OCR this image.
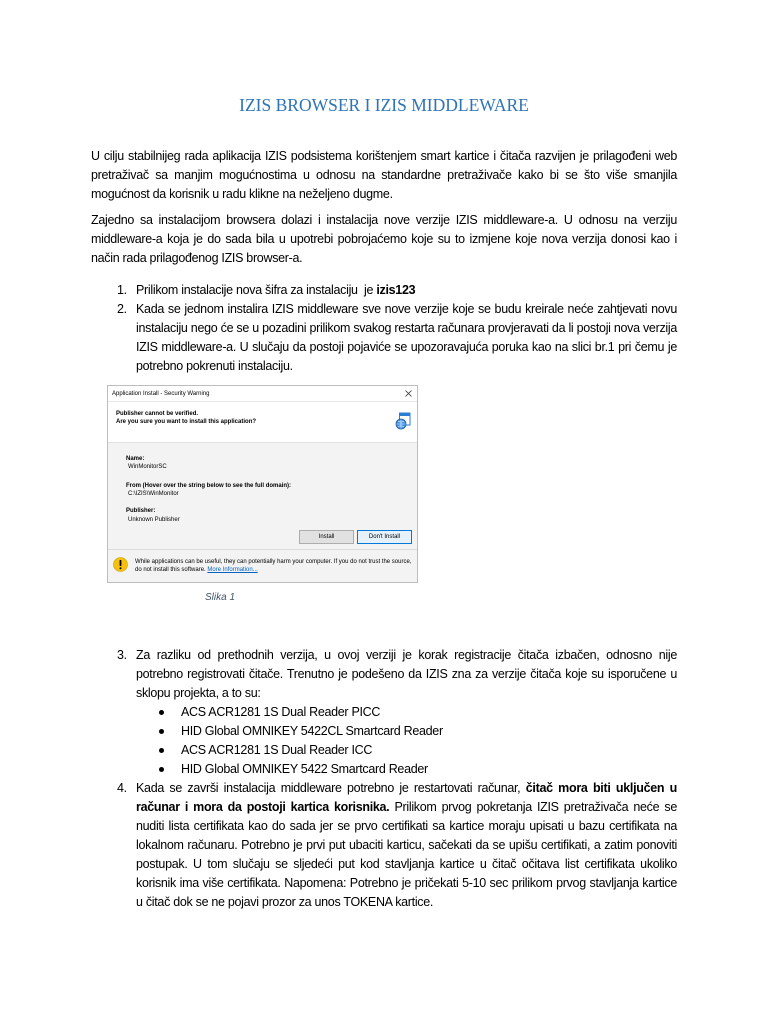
IZIS BROWSER I IZIS MIDDLEWARE

U cilju stabilnijeg rada aplikacija IZIS podsistema korištenjem smart kartice i čitača razvijen je prilagođeni web pretraživač sa manjim mogućnostima u odnosu na standardne pretraživače kako bi se što više smanjila mogućnost da korisnik u radu klikne na neželjeno dugme.

Zajedno sa instalacijom browsera dolazi i instalacija nove verzije IZIS middleware-a. U odnosu na verziju middleware-a koja je do sada bila u upotrebi pobrojaćemo koje su to izmjene koje nova verzija donosi kao i način rada prilagođenog IZIS browser-a.

1. Prilikom instalacije nova šifra za instalaciju  je izis123
2. Kada se jednom instalira IZIS middleware sve nove verzije koje se budu kreirale neće zahtjevati novu instalaciju nego će se u pozadini prilikom svakog restarta računara provjeravati da li postoji nova verzija IZIS middleware-a. U slučaju da postoji pojaviće se upozoravajuća poruka kao na slici br.1 pri čemu je potrebno pokrenuti instalaciju.
Application Install - Security Warning
Publisher cannot be verified.
Are you sure you want to install this application?
Name:
WinMonitorSC
From (Hover over the string below to see the full domain):
C:\IZIS\WinMonitor
Publisher:
Unknown Publisher
Install	Don't Install
While applications can be useful, they can potentially harm your computer. If you do not trust the source, do not install this software. More Information...
Slika 1
3. Za razliku od prethodnih verzija, u ovoj verziji je korak registracije čitača izbačen, odnosno nije potrebno registrovati čitače. Trenutno je podešeno da IZIS zna za verzije čitača koje su isporučene u sklopu projekta, a to su:
ACS ACR1281 1S Dual Reader PICC
HID Global OMNIKEY 5422CL Smartcard Reader
ACS ACR1281 1S Dual Reader ICC
HID Global OMNIKEY 5422 Smartcard Reader
4. Kada se završi instalacija middleware potrebno je restartovati računar, čitač mora biti uključen u računar i mora da postoji kartica korisnika. Prilikom prvog pokretanja IZIS pretraživača neće se nuditi lista certifikata kao do sada jer se prvo certifikati sa kartice moraju upisati u bazu certifikata na lokalnom računaru. Potrebno je prvi put ubaciti karticu, sačekati da se upišu certifikati, a zatim ponoviti postupak. U tom slučaju se sljedeći put kod stavljanja kartice u čitač očitava list certifikata ukoliko korisnik ima više certifikata. Napomena: Potrebno je pričekati 5-10 sec prilikom prvog stavljanja kartice u čitač dok se ne pojavi prozor za unos TOKENA kartice.
